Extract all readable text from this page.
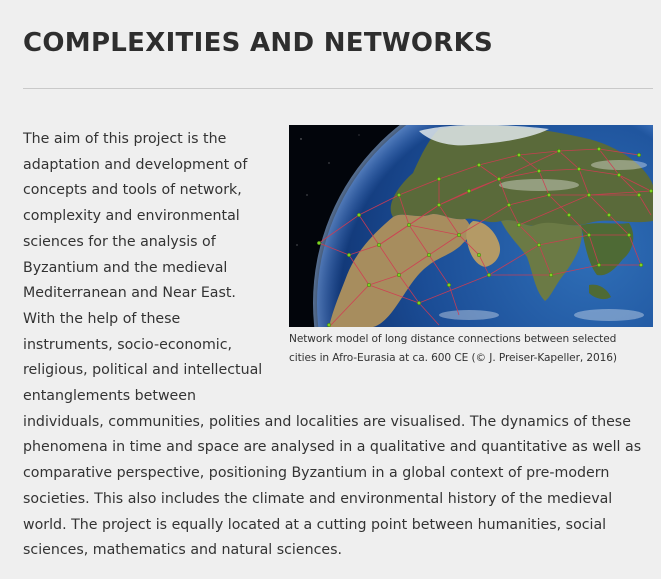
COMPLEXITIES AND NETWORKS
Network model of long distance connections between selected
cities in Afro-Eurasia at ca. 600 CE (© J. Preiser-Kapeller, 2016)

The aim of this project is the
adaptation and development of
concepts and tools of network,
complexity and environmental
sciences for the analysis of
Byzantium and the medieval
Mediterranean and Near East.
With the help of these
instruments, socio-economic,
religious, political and intellectual
entanglements between
individuals, communities, polities and localities are visualised. The dynamics of these
phenomena in time and space are analysed in a qualitative and quantitative as well as
comparative perspective, positioning Byzantium in a global context of pre-modern
societies. This also includes the climate and environmental history of the medieval
world. The project is equally located at a cutting point between humanities, social
sciences, mathematics and natural sciences.
